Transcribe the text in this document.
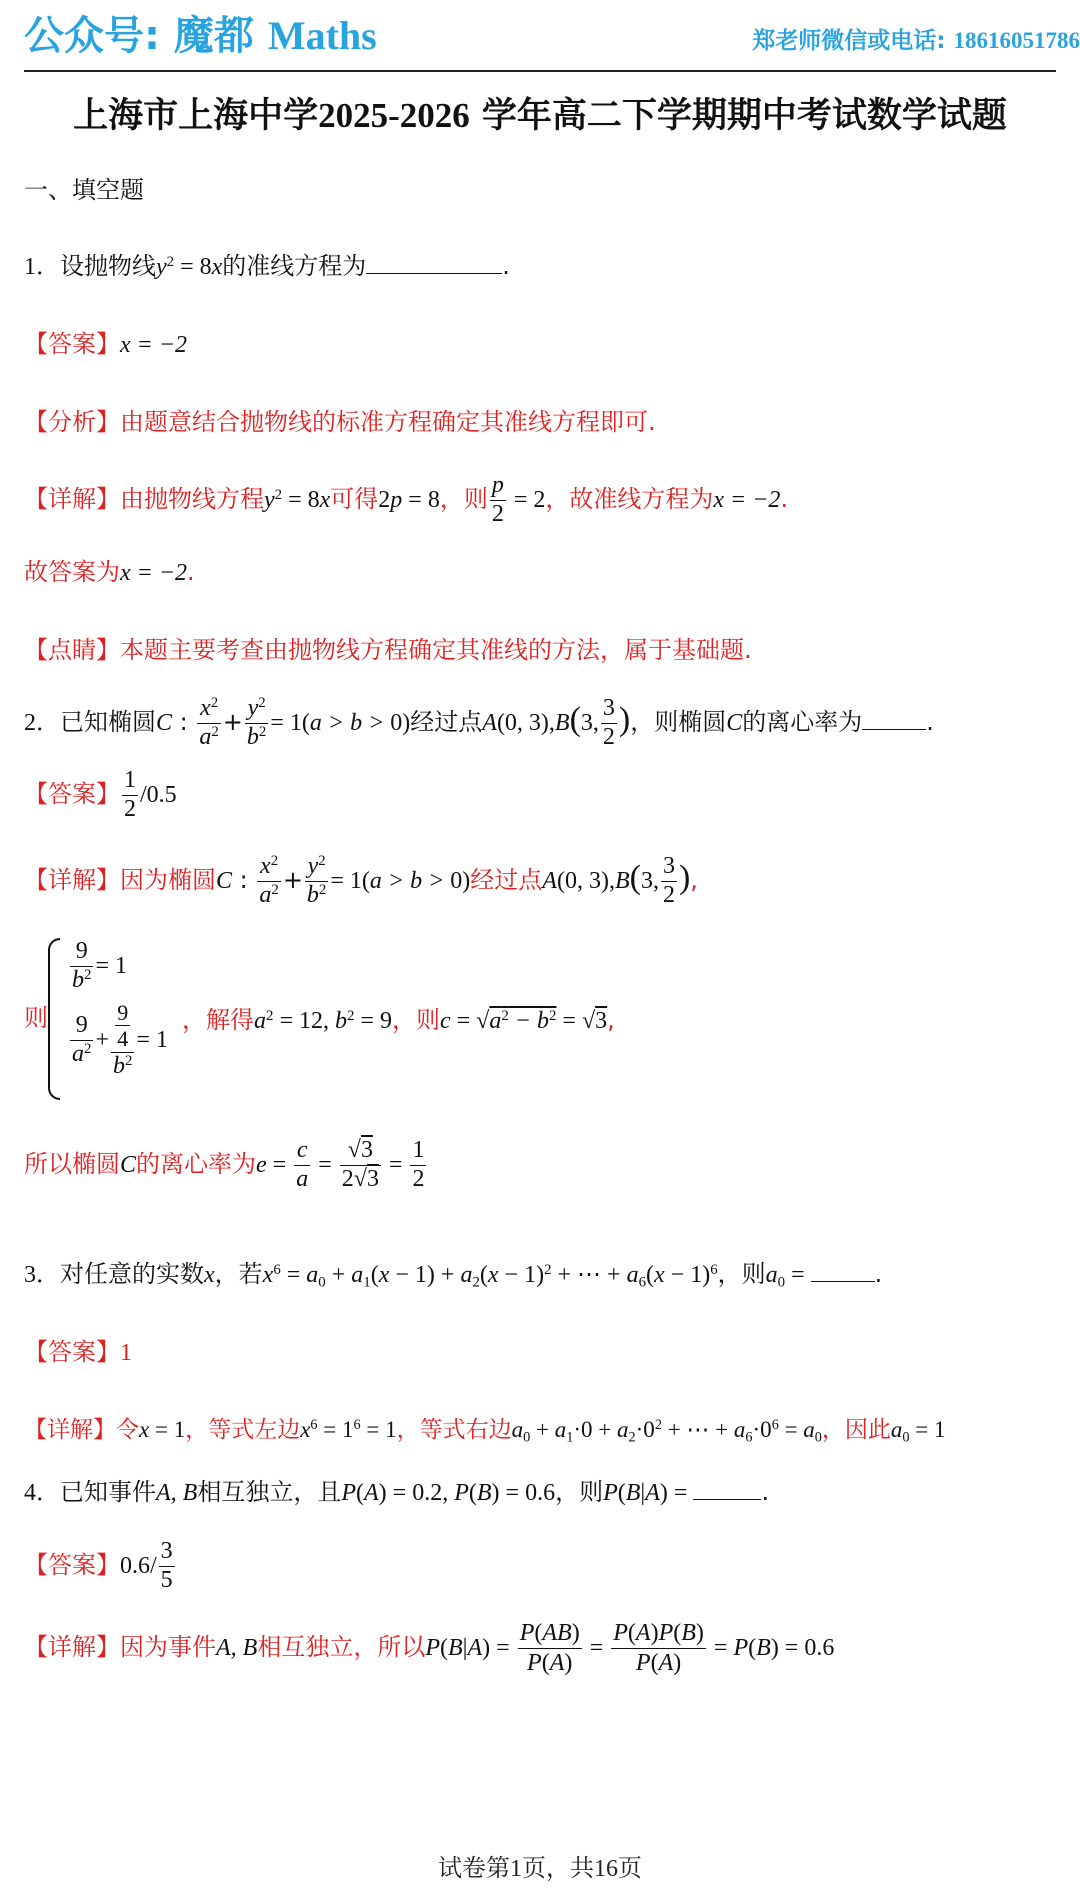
公众号: 魔都 Maths	郑老师微信或电话: 18616051786
上海市上海中学2025-2026 学年高二下学期期中考试数学试题
一、填空题
1．设抛物线$y^2 = 8x$的准线方程为	.
【答案】x = −2
【分析】由题意结合抛物线的标准方程确定其准线方程即可.
【详解】由抛物线方程$y^2 = 8x$可得2p = 8，则 $\frac{p}{2} = 2$，故准线方程为x = −2.
故答案为x = −2.
【点睛】本题主要考查由抛物线方程确定其准线的方法，属于基础题.
2．已知椭圆C : $\frac{x^2}{a^2} + \frac{y^2}{b^2} = 1(a > b > 0)$经过点A(0, 3),B(3, $\frac{3}{2}$ )，则椭圆C的离心率为	.
【答案】 $\frac{1}{2} /0.5$
【详解】因为椭圆C : $\frac{x^2}{a^2} + \frac{y^2}{b^2} = 1(a > b > 0)$经过点A(0, 3),B(3, $\frac{3}{2}$ ),
则
$\frac{9}{b^2} = 1$
$\frac{9}{a^2} + \frac{\frac{9}{4}}{b^2} = 1$
，解得$a^2 = 12$, $b^2 = 9$，则$c = √a^2 - b^2 = √3$,
所以椭圆C的离心率为$e = \frac{c}{a} = \frac{√3}{2√3} = \frac{1}{2}$
3．对任意的实数x，若$x^6 = a_0 + a_1(x - 1) + a_2(x - 1)^2$ + ⋯ + $a_6(x - 1)^6$，则$a_0$ =	.
【答案】1
【详解】令x = 1，等式左边$x^6 = 1^6 = 1$，等式右边$a_0 + a_1\cdot 0 + a_2\cdot 0^2$ + ⋯ + $a_6\cdot 0^6 = a_0$，因此$a_0 = 1$
4．已知事件A, B相互独立，且P(A) = 0.2, P(B) = 0.6，则P(B|A) =	.
【答案】$0.6/ \frac{3}{5}$
【详解】因为事件A, B相互独立，所以$P(B|A) = \frac{P(AB)}{P(A)} = \frac{P(A)P(B)}{P(A)} = P(B) = 0.6$
试卷第1页，共16页
